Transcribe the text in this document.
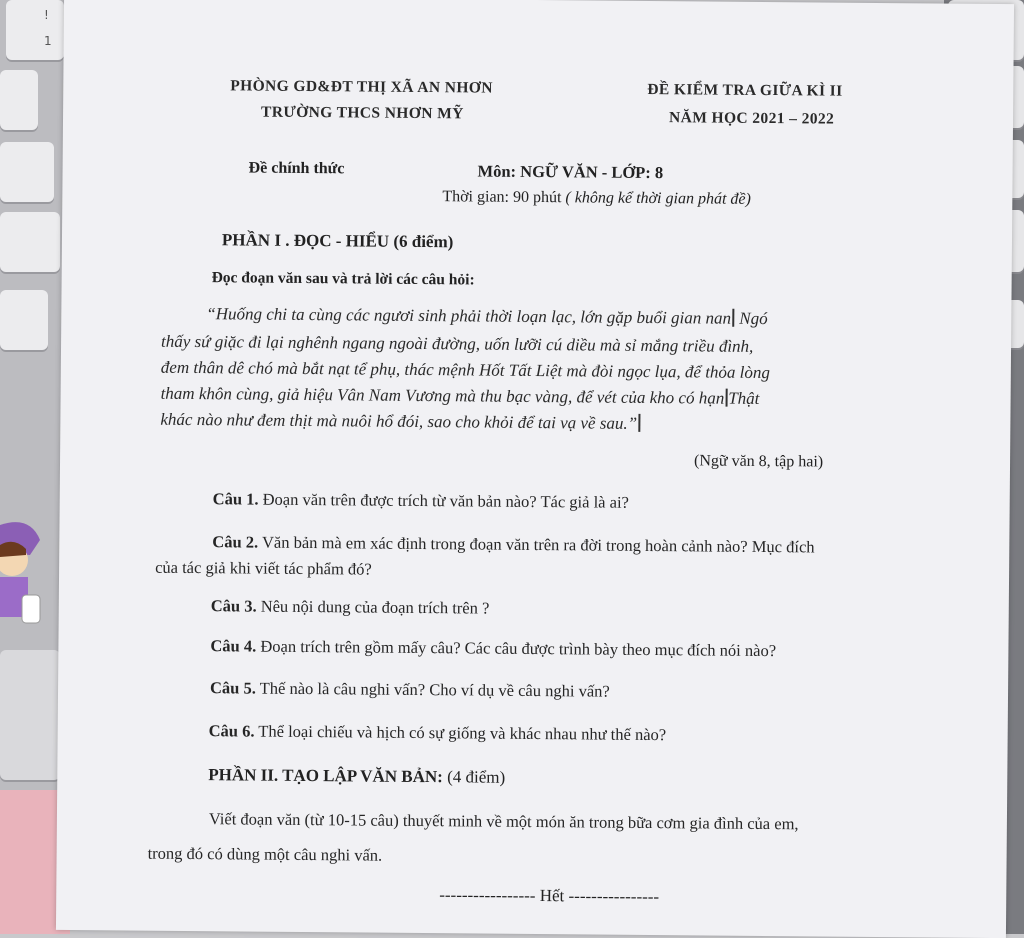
!
1
PHÒNG GD&ĐT THỊ XÃ AN NHƠN
TRƯỜNG THCS NHƠN MỸ
ĐỀ KIỂM TRA GIỮA KÌ II
NĂM HỌC 2021 – 2022
Đề chính thức	Môn: NGỮ VĂN - LỚP: 8
Thời gian: 90 phút ( không kể thời gian phát đề)
PHẦN I . ĐỌC - HIỂU (6 điểm)
Đọc đoạn văn sau và trả lời các câu hỏi:
“Huống chi ta cùng các ngươi sinh phải thời loạn lạc, lớn gặp buổi gian nan Ngó
thấy sứ giặc đi lại nghênh ngang ngoài đường, uốn lưỡi cú diều mà sỉ mắng triều đình,
đem thân dê chó mà bắt nạt tể phụ, thác mệnh Hốt Tất Liệt mà đòi ngọc lụa, để thỏa lòng
tham khôn cùng, giả hiệu Vân Nam Vương mà thu bạc vàng, để vét của kho có hạn Thật
khác nào như đem thịt mà nuôi hổ đói, sao cho khỏi để tai vạ về sau.”
(Ngữ văn 8, tập hai)
Câu 1. Đoạn văn trên được trích từ văn bản nào? Tác giả là ai?
Câu 2. Văn bản mà em xác định trong đoạn văn trên ra đời trong hoàn cảnh nào? Mục đích
của tác giả khi viết tác phẩm đó?
Câu 3. Nêu nội dung của đoạn trích trên ?
Câu 4. Đoạn trích trên gồm mấy câu? Các câu được trình bày theo mục đích nói nào?
Câu 5. Thế nào là câu nghi vấn? Cho ví dụ về câu nghi vấn?
Câu 6. Thể loại chiếu và hịch có sự giống và khác nhau như thế nào?
PHẦN II. TẠO LẬP VĂN BẢN: (4 điểm)
Viết đoạn văn (từ 10-15 câu) thuyết minh về một món ăn trong bữa cơm gia đình của em,
trong đó có dùng một câu nghi vấn.
----------------- Hết ----------------
